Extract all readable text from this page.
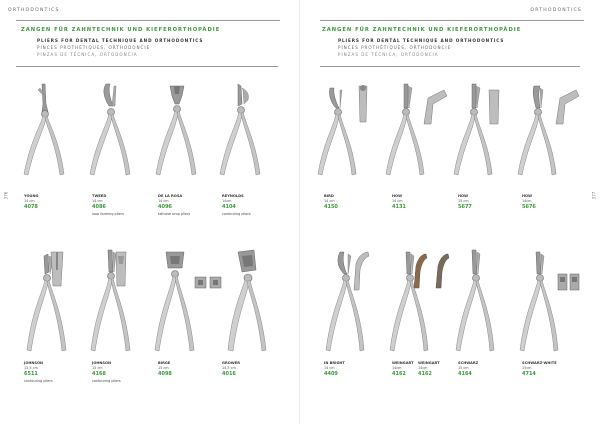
ORTHODONTICS
ZANGEN FÜR ZAHNTECHNIK UND KIEFERORTHOPÄDIE
PLIERS FOR DENTAL TECHNIQUE AND ORTHODONTICS
PINCES PROTHÉTIQUES, ORTHODONCIE
PINZAS DE TÉCNICA, ORTODONCIA
376	YOUNG
14 cm
4078
TWEED
14 cm
4086
loop forming pliers
DE LA ROSA
14 cm
4096
tallcase orop pliers
REYNOLDS
14cm
4104
contouring pliers
JOHNSON
13,5 cm
6511
contouring pliers
JOHNSON
15 cm
4168
contouring pliers
BIRGE
15 cm
4098
GROWER
14,5 cm
4016
ORTHODONTICS
ZANGEN FÜR ZAHNTECHNIK UND KIEFERORTHOPÄDIE
PLIERS FOR DENTAL TECHNIQUE AND ORTHODONTICS
PINCES PROTHÉTIQUES, ORTHODONCIE
PINZAS DE TÉCNICA, ORTODONCIA
377
BIRD
14 cm
4150
HOW
14 cm
4131
HOW
15 cm
5677
HOW
14cm
5676
IN BRIGHT
14 cm
4409
WEINGART
14cm
4162
WEINGART
14cm
4162
SCHWARZ
15 cm
4164
SCHWARZ-WHITE
15cm
4714
